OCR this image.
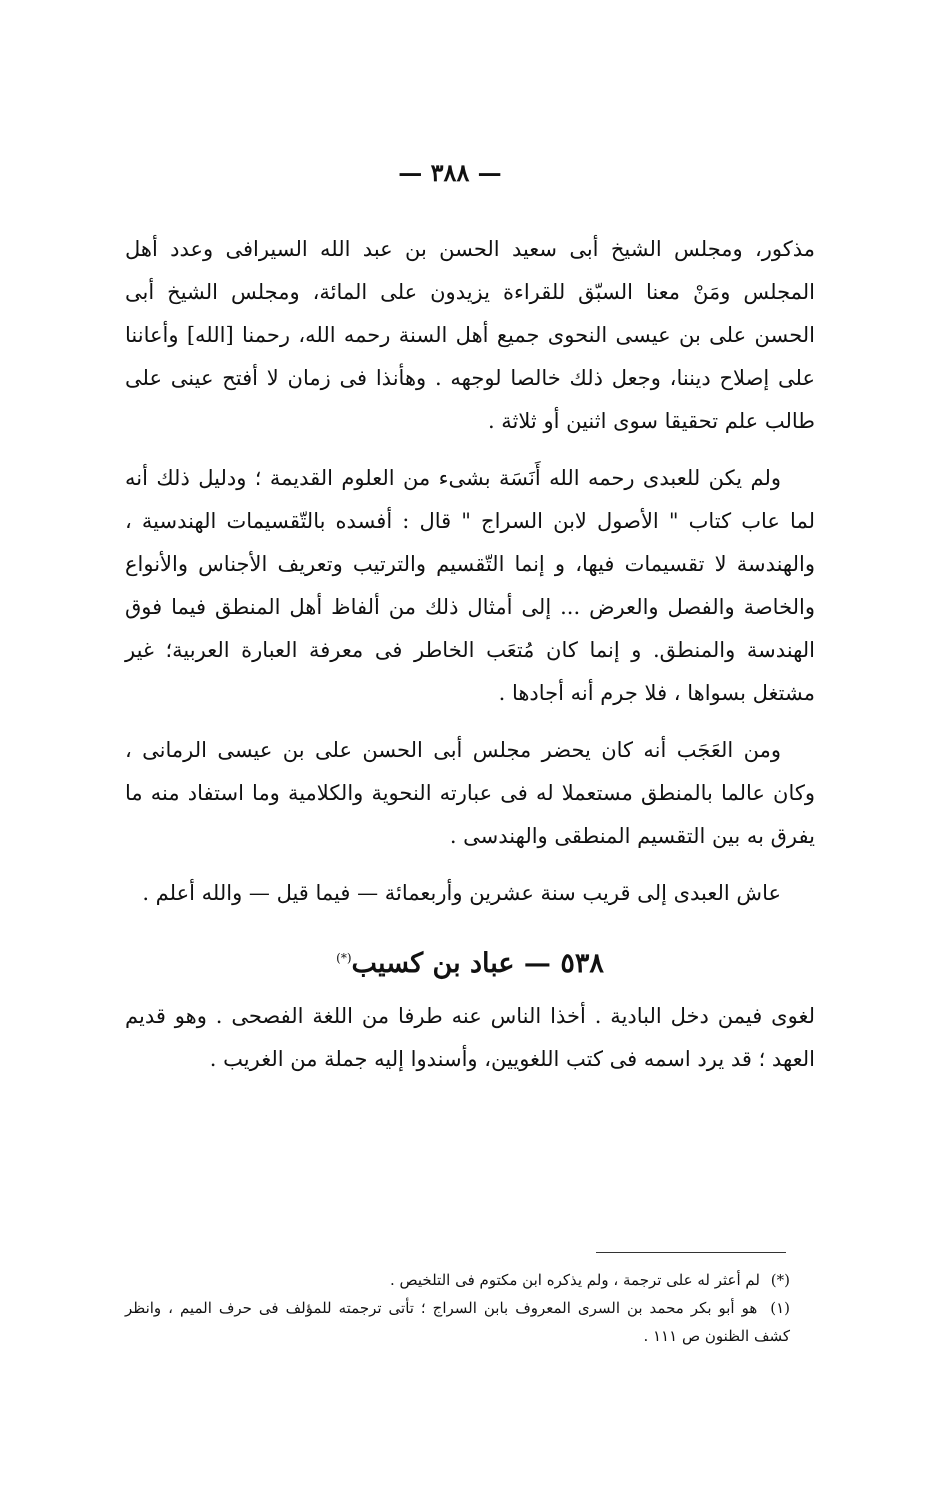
— ٣٨٨ —

مذكور، ومجلس الشيخ أبى سعيد الحسن بن عبد الله السيرافى وعدد أهل المجلس ومَنْ معنا السبّق للقراءة يزيدون على المائة، ومجلس الشيخ أبى الحسن على بن عيسى النحوى جميع أهل السنة رحمه الله، رحمنا [الله] وأعاننا على إصلاح ديننا، وجعل ذلك خالصا لوجهه . وهأنذا فى زمان لا أفتح عينى على طالب علم تحقيقا سوى اثنين أو ثلاثة .

ولم يكن للعبدى رحمه الله أَنَسَة بشىء من العلوم القديمة ؛ ودليل ذلك أنه لما عاب كتاب " الأصول لابن السراج " قال : أفسده بالتّقسيمات الهندسية ، والهندسة لا تقسيمات فيها، و إنما التّقسيم والترتيب وتعريف الأجناس والأنواع والخاصة والفصل والعرض ... إلى أمثال ذلك من ألفاظ أهل المنطق فيما فوق الهندسة والمنطق. و إنما كان مُتعَب الخاطر فى معرفة العبارة العربية؛ غير مشتغل بسواها ، فلا جرم أنه أجادها .

ومن العَجَب أنه كان يحضر مجلس أبى الحسن على بن عيسى الرمانى ، وكان عالما بالمنطق مستعملا له فى عبارته النحوية والكلامية وما استفاد منه ما يفرق به بين التقسيم المنطقى والهندسى .

عاش العبدى إلى قريب سنة عشرين وأربعمائة — فيما قيل — والله أعلم .

٥٣٨ — عباد بن كسيب(*)

لغوى فيمن دخل البادية . أخذا الناس عنه طرفا من اللغة الفصحى . وهو قديم العهد ؛ قد يرد اسمه فى كتب اللغويين، وأسندوا إليه جملة من الغريب .

(*) لم أعثر له على ترجمة ، ولم يذكره ابن مكتوم فى التلخيص .

(١) هو أبو بكر محمد بن السرى المعروف بابن السراج ؛ تأتى ترجمته للمؤلف فى حرف الميم ، وانظر كشف الظنون ص ١١١ .
